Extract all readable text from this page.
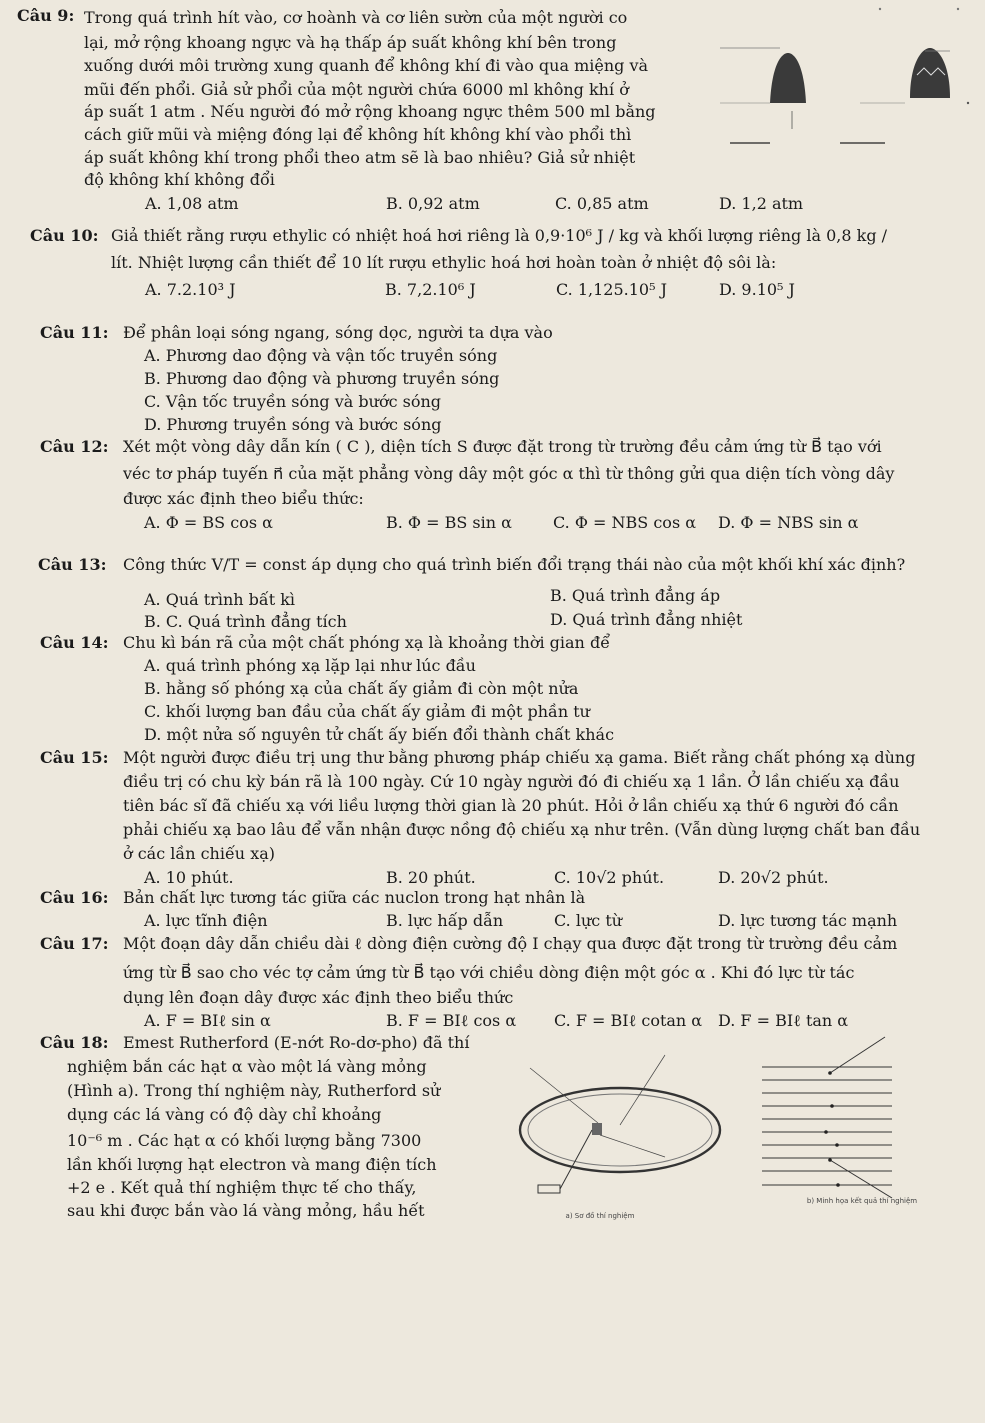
Câu 9: Trong quá trình hít vào, cơ hoành và cơ liên sườn của một người co
lại, mở rộng khoang ngực và hạ thấp áp suất không khí bên trong
xuống dưới môi trường xung quanh để không khí đi vào qua miệng và
mũi đến phổi. Giả sử phổi của một người chứa 6000 ml không khí ở
áp suất 1 atm . Nếu người đó mở rộng khoang ngực thêm 500 ml bằng
cách giữ mũi và miệng đóng lại để không hít không khí vào phổi thì
áp suất không khí trong phổi theo atm sẽ là bao nhiêu? Giả sử nhiệt
độ không khí không đổi
A. 1,08 atm	B. 0,92 atm	C. 0,85 atm	D. 1,2 atm
Câu 10: Giả thiết rằng rượu ethylic có nhiệt hoá hơi riêng là 0,9·10⁶ J / kg và khối lượng riêng là 0,8 kg /
lít. Nhiệt lượng cần thiết để 10 lít rượu ethylic hoá hơi hoàn toàn ở nhiệt độ sôi là:
A. 7.2.10³ J	B. 7,2.10⁶ J	C. 1,125.10⁵ J	D. 9.10⁵ J
Câu 11: Để phân loại sóng ngang, sóng dọc, người ta dựa vào
A. Phương dao động và vận tốc truyền sóng
B. Phương dao động và phương truyền sóng
C. Vận tốc truyền sóng và bước sóng
D. Phương truyền sóng và bước sóng
Câu 12: Xét một vòng dây dẫn kín ( C ), diện tích S được đặt trong từ trường đều cảm ứng từ B⃗ tạo với
véc tơ pháp tuyến n⃗ của mặt phẳng vòng dây một góc α thì từ thông gửi qua diện tích vòng dây
được xác định theo biểu thức:
A. Φ = BS cos α	B. Φ = BS sin α	C. Φ = NBS cos α D. Φ = NBS sin α
Câu 13: Công thức V/T = const áp dụng cho quá trình biến đổi trạng thái nào của một khối khí xác định?
A. Quá trình bất kì	B. Quá trình đẳng áp
B. C. Quá trình đẳng tích	D. Quá trình đẳng nhiệt
Câu 14: Chu kì bán rã của một chất phóng xạ là khoảng thời gian để
A. quá trình phóng xạ lặp lại như lúc đầu
B. hằng số phóng xạ của chất ấy giảm đi còn một nửa
C. khối lượng ban đầu của chất ấy giảm đi một phần tư
D. một nửa số nguyên tử chất ấy biến đổi thành chất khác
Câu 15: Một người được điều trị ung thư bằng phương pháp chiếu xạ gama. Biết rằng chất phóng xạ dùng
điều trị có chu kỳ bán rã là 100 ngày. Cứ 10 ngày người đó đi chiếu xạ 1 lần. Ở lần chiếu xạ đầu
tiên bác sĩ đã chiếu xạ với liều lượng thời gian là 20 phút. Hỏi ở lần chiếu xạ thứ 6 người đó cần
phải chiếu xạ bao lâu để vẫn nhận được nồng độ chiếu xạ như trên. (Vẫn dùng lượng chất ban đầu
ở các lần chiếu xạ)
A. 10 phút.	B. 20 phút.	C. 10√2 phút.	D. 20√2 phút.
Câu 16: Bản chất lực tương tác giữa các nuclon trong hạt nhân là
A. lực tĩnh điện	B. lực hấp dẫn	C. lực từ	D. lực tương tác mạnh
Câu 17: Một đoạn dây dẫn chiều dài ℓ dòng điện cường độ I chạy qua được đặt trong từ trường đều cảm
ứng từ B⃗ sao cho véc tợ cảm ứng từ B⃗ tạo với chiều dòng điện một góc α . Khi đó lực từ tác
dụng lên đoạn dây được xác định theo biểu thức
A. F = BIℓ sin α	B. F = BIℓ cos α C. F = BIℓ cotan α D. F = BIℓ tan α
Câu 18: Emest Rutherford (E-nớt Ro-dơ-pho) đã thí
nghiệm bắn các hạt α vào một lá vàng mỏng
(Hình a). Trong thí nghiệm này, Rutherford sử
dụng các lá vàng có độ dày chỉ khoảng
10⁻⁶ m . Các hạt α có khối lượng bằng 7300
lần khối lượng hạt electron và mang điện tích
+2 e . Kết quả thí nghiệm thực tế cho thấy,
sau khi được bắn vào lá vàng mỏng, hầu hết	a) Sơ đồ thí nghiệm
b) Minh họa kết quả thí nghiệm
